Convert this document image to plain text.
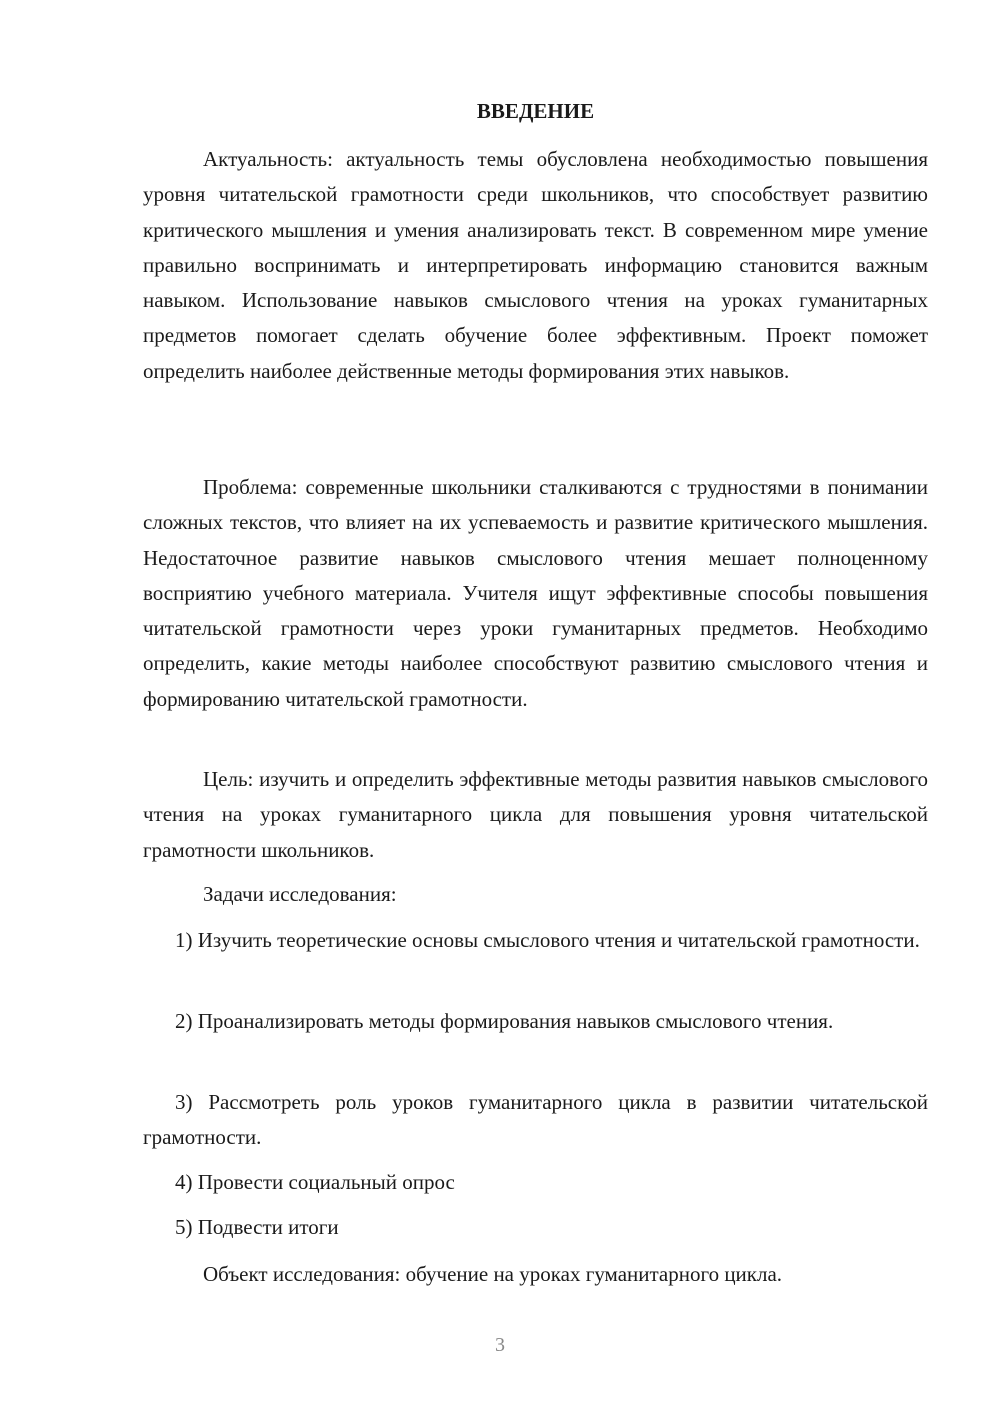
ВВЕДЕНИЕ

Актуальность: актуальность темы обусловлена необходимостью повышения уровня читательской грамотности среди школьников, что способствует развитию критического мышления и умения анализировать текст. В современном мире умение правильно воспринимать и интерпретировать информацию становится важным навыком. Использование навыков смыслового чтения на уроках гуманитарных предметов помогает сделать обучение более эффективным. Проект поможет определить наиболее действенные методы формирования этих навыков.

Проблема: современные школьники сталкиваются с трудностями в понимании сложных текстов, что влияет на их успеваемость и развитие критического мышления. Недостаточное развитие навыков смыслового чтения мешает полноценному восприятию учебного материала. Учителя ищут эффективные способы повышения читательской грамотности через уроки гуманитарных предметов. Необходимо определить, какие методы наиболее способствуют развитию смыслового чтения и формированию читательской грамотности.

Цель: изучить и определить эффективные методы развития навыков смыслового чтения на уроках гуманитарного цикла для повышения уровня читательской грамотности школьников.

Задачи исследования:

1) Изучить теоретические основы смыслового чтения и читательской грамотности.

2) Проанализировать методы формирования навыков смыслового чтения.

3) Рассмотреть роль уроков гуманитарного цикла в развитии читательской грамотности.

4) Провести социальный опрос

5) Подвести итоги

Объект исследования: обучение на уроках гуманитарного цикла.

3
